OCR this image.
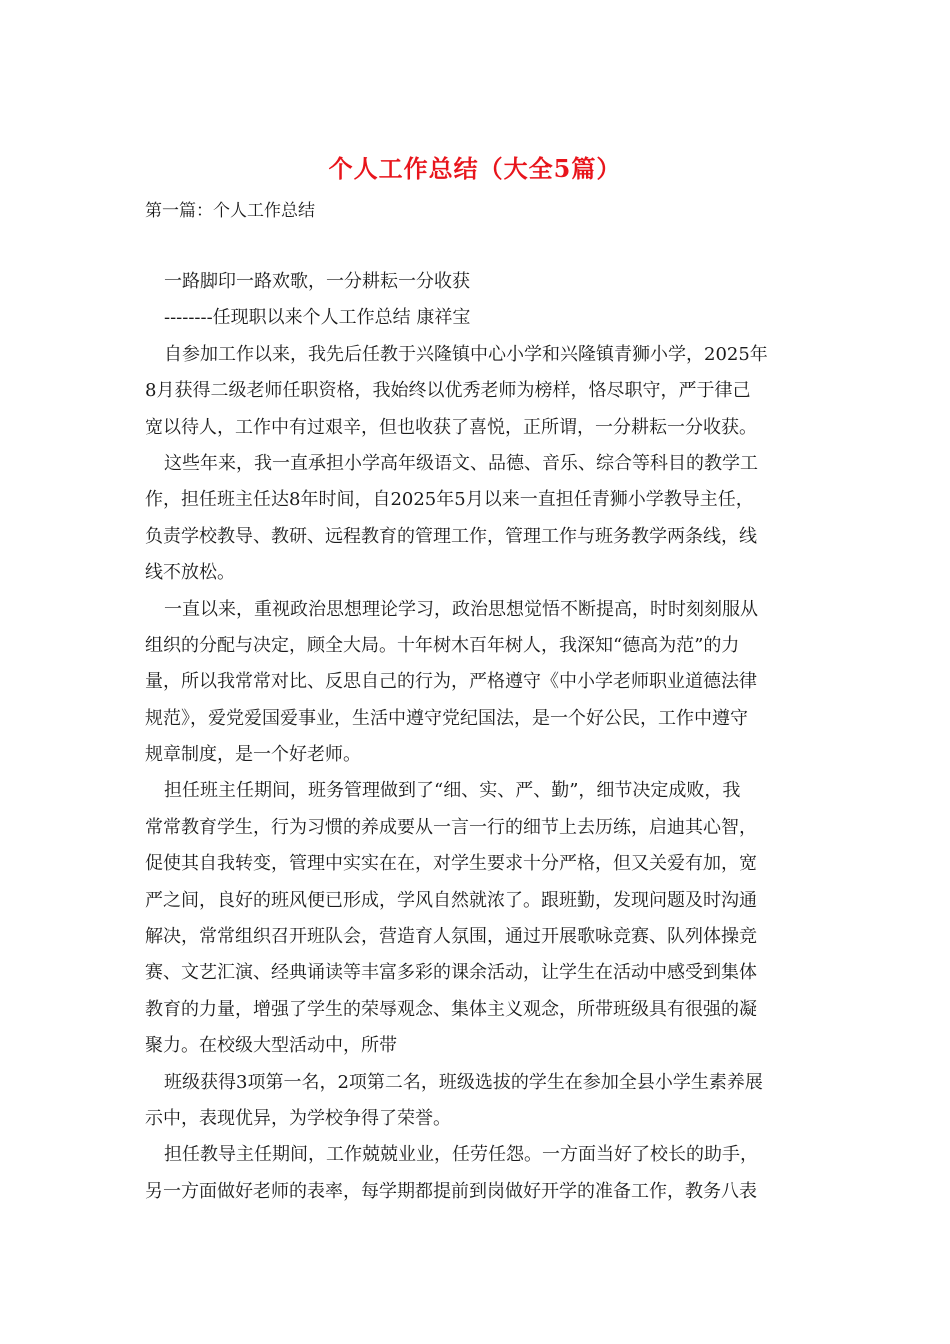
个人工作总结（大全5篇）
第一篇：个人工作总结
一路脚印一路欢歌，一分耕耘一分收获
--------任现职以来个人工作总结 康祥宝
自参加工作以来，我先后任教于兴隆镇中心小学和兴隆镇青狮小学，2025年
8月获得二级老师任职资格，我始终以优秀老师为榜样，恪尽职守，严于律己
宽以待人，工作中有过艰辛，但也收获了喜悦，正所谓，一分耕耘一分收获。
这些年来，我一直承担小学高年级语文、品德、音乐、综合等科目的教学工
作，担任班主任达8年时间，自2025年5月以来一直担任青狮小学教导主任，
负责学校教导、教研、远程教育的管理工作，管理工作与班务教学两条线，线
线不放松。
一直以来，重视政治思想理论学习，政治思想觉悟不断提高，时时刻刻服从
组织的分配与决定，顾全大局。十年树木百年树人，我深知“德高为范”的力
量，所以我常常对比、反思自己的行为，严格遵守《中小学老师职业道德法律
规范》，爱党爱国爱事业，生活中遵守党纪国法，是一个好公民，工作中遵守
规章制度，是一个好老师。
担任班主任期间，班务管理做到了“细、实、严、勤”，细节决定成败，我
常常教育学生，行为习惯的养成要从一言一行的细节上去历练，启迪其心智，
促使其自我转变，管理中实实在在，对学生要求十分严格，但又关爱有加，宽
严之间，良好的班风便已形成，学风自然就浓了。跟班勤，发现问题及时沟通
解决，常常组织召开班队会，营造育人氛围，通过开展歌咏竞赛、队列体操竞
赛、文艺汇演、经典诵读等丰富多彩的课余活动，让学生在活动中感受到集体
教育的力量，增强了学生的荣辱观念、集体主义观念，所带班级具有很强的凝
聚力。在校级大型活动中，所带
班级获得3项第一名，2项第二名，班级选拔的学生在参加全县小学生素养展
示中，表现优异，为学校争得了荣誉。
担任教导主任期间，工作兢兢业业，任劳任怨。一方面当好了校长的助手，
另一方面做好老师的表率，每学期都提前到岗做好开学的准备工作，教务八表
